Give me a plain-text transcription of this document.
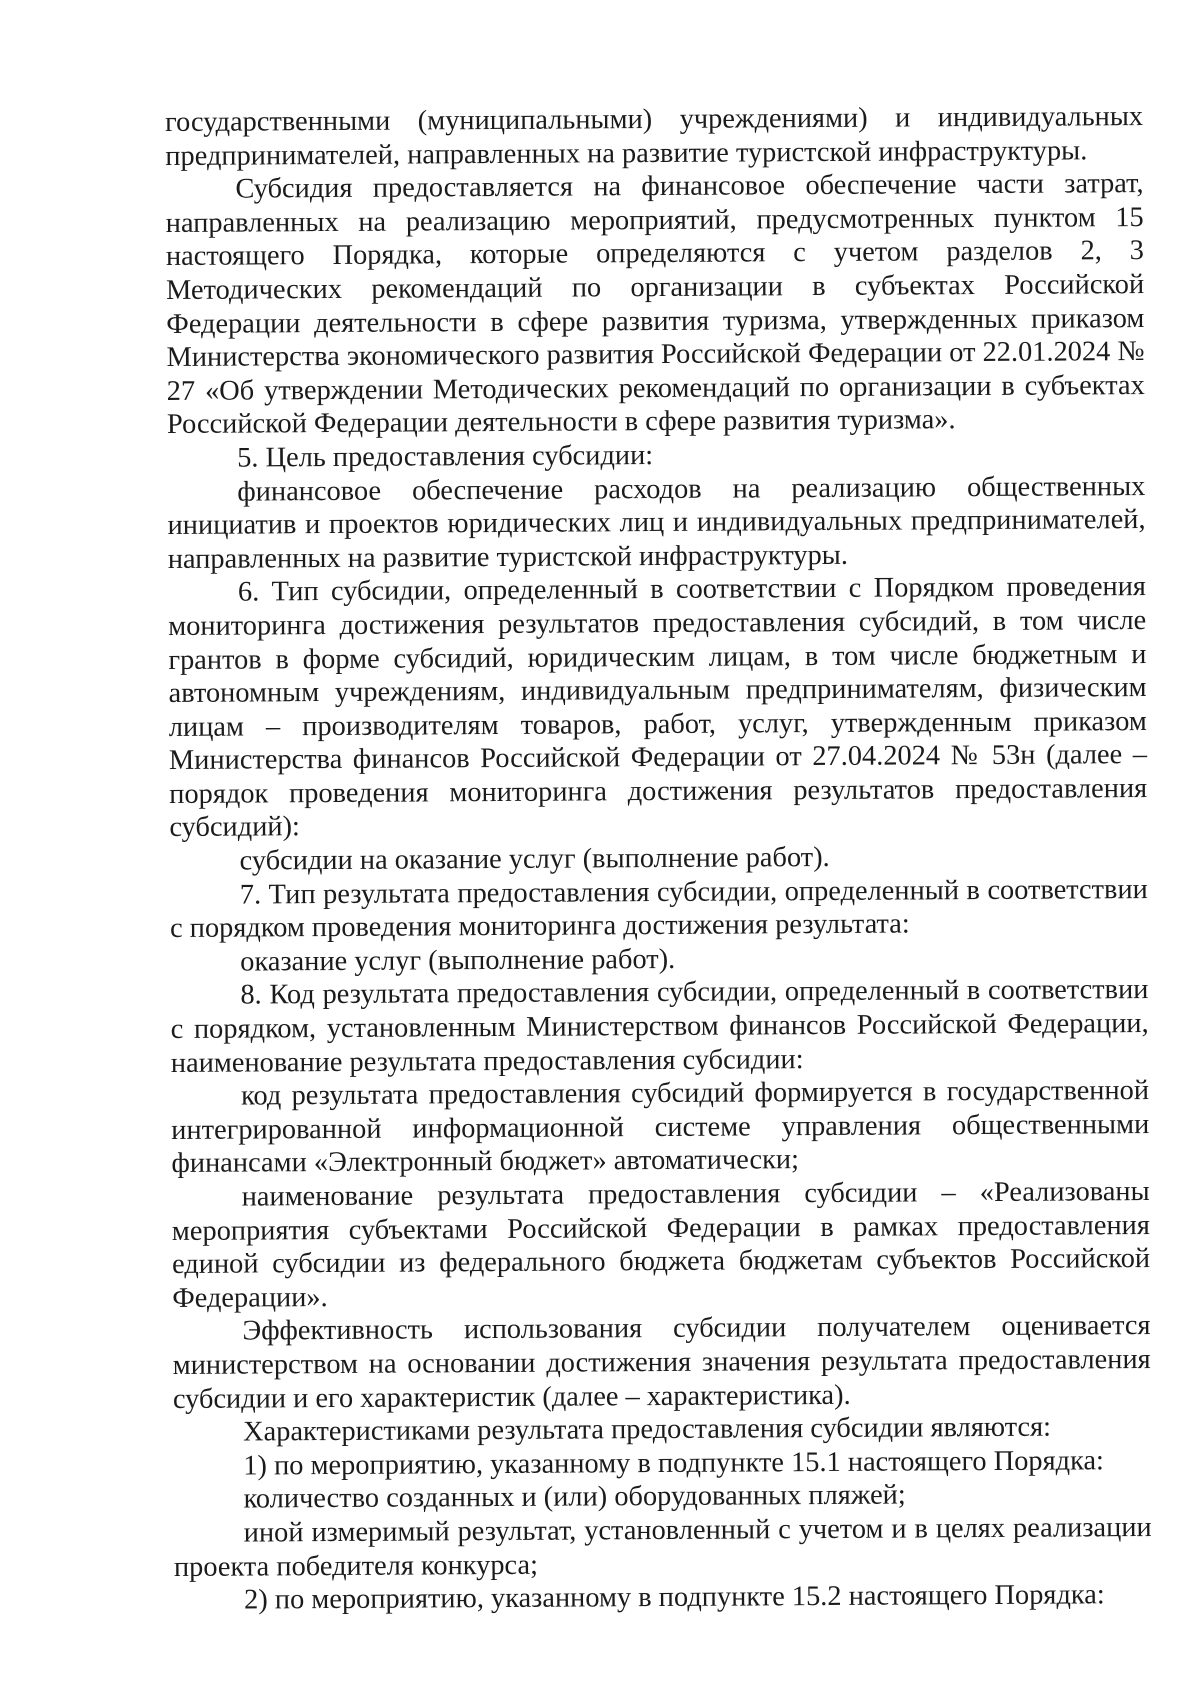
государственными (муниципальными) учреждениями) и индивидуальных предпринимателей, направленных на развитие туристской инфраструктуры.

Субсидия предоставляется на финансовое обеспечение части затрат, направленных на реализацию мероприятий, предусмотренных пунктом 15 настоящего Порядка, которые определяются с учетом разделов 2, 3 Методических рекомендаций по организации в субъектах Российской Федерации деятельности в сфере развития туризма, утвержденных приказом Министерства экономического развития Российской Федерации от 22.01.2024 № 27 «Об утверждении Методических рекомендаций по организации в субъектах Российской Федерации деятельности в сфере развития туризма».

5. Цель предоставления субсидии:

финансовое обеспечение расходов на реализацию общественных инициатив и проектов юридических лиц и индивидуальных предпринимателей, направленных на развитие туристской инфраструктуры.

6. Тип субсидии, определенный в соответствии с Порядком проведения мониторинга достижения результатов предоставления субсидий, в том числе грантов в форме субсидий, юридическим лицам, в том числе бюджетным и автономным учреждениям, индивидуальным предпринимателям, физическим лицам – производителям товаров, работ, услуг, утвержденным приказом Министерства финансов Российской Федерации от 27.04.2024 № 53н (далее – порядок проведения мониторинга достижения результатов предоставления субсидий):

субсидии на оказание услуг (выполнение работ).

7. Тип результата предоставления субсидии, определенный в соответствии с порядком проведения мониторинга достижения результата:

оказание услуг (выполнение работ).

8. Код результата предоставления субсидии, определенный в соответствии с порядком, установленным Министерством финансов Российской Федерации, наименование результата предоставления субсидии:

код результата предоставления субсидий формируется в государственной интегрированной информационной системе управления общественными финансами «Электронный бюджет» автоматически;

наименование результата предоставления субсидии – «Реализованы мероприятия субъектами Российской Федерации в рамках предоставления единой субсидии из федерального бюджета бюджетам субъектов Российской Федерации».

Эффективность использования субсидии получателем оценивается министерством на основании достижения значения результата предоставления субсидии и его характеристик (далее – характеристика).

Характеристиками результата предоставления субсидии являются:

1) по мероприятию, указанному в подпункте 15.1 настоящего Порядка:

количество созданных и (или) оборудованных пляжей;

иной измеримый результат, установленный с учетом и в целях реализации проекта победителя конкурса;

2) по мероприятию, указанному в подпункте 15.2 настоящего Порядка:
